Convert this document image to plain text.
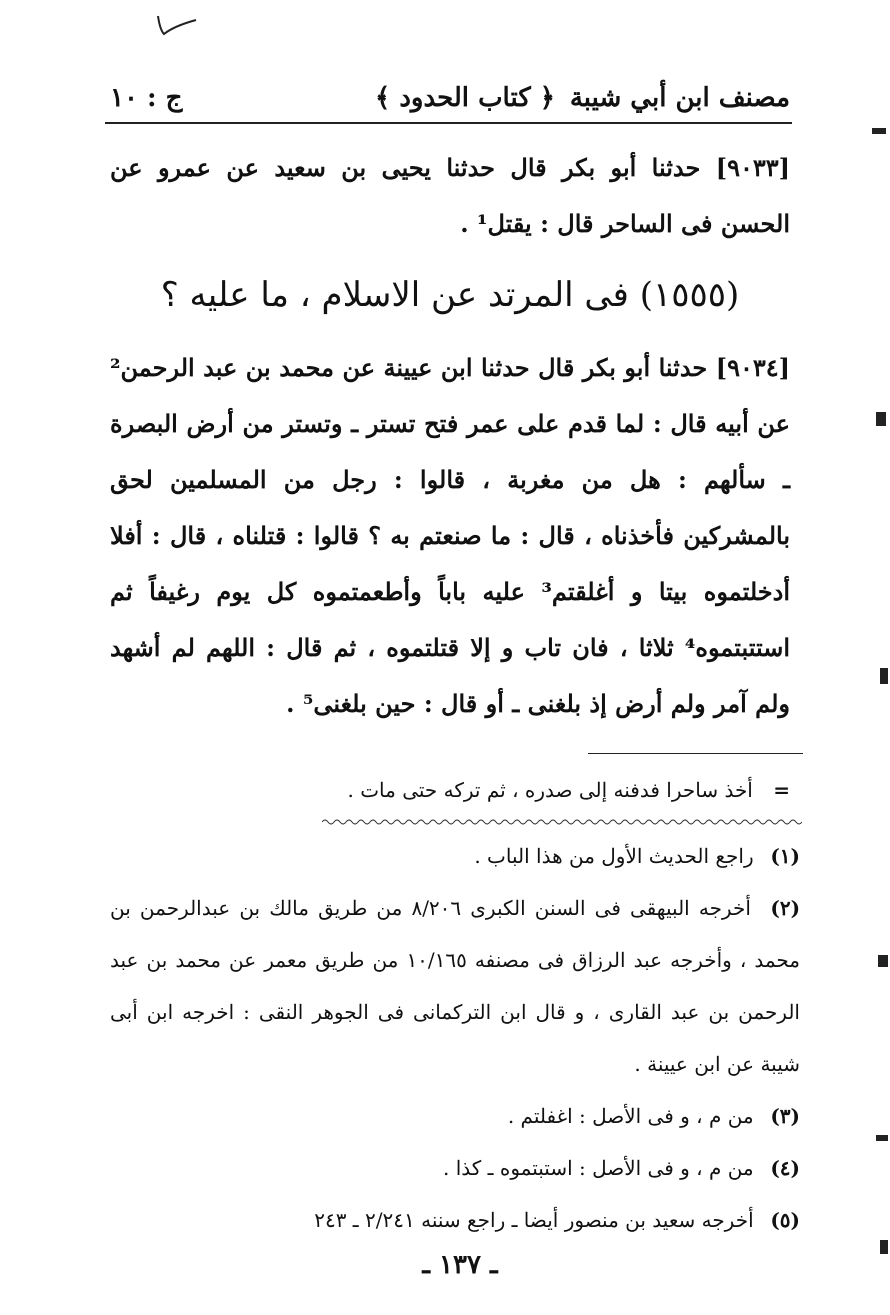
مصنف ابن أبي شيبة
﴿ كتاب الحدود ﴾
ج : ١٠
[٩٠٣٣] حدثنا أبو بكر قال حدثنا يحيى بن سعيد عن عمرو عن الحسن فى الساحر قال : يقتل¹ .
(١٥٥٥) فى المرتد عن الاسلام ، ما عليه ؟
[٩٠٣٤] حدثنا أبو بكر قال حدثنا ابن عيينة عن محمد بن عبد الرحمن² عن أبيه قال : لما قدم على عمر فتح تستر ـ وتستر من أرض البصرة ـ سألهم : هل من مغربة ، قالوا : رجل من المسلمين لحق بالمشركين فأخذناه ، قال : ما صنعتم به ؟ قالوا : قتلناه ، قال : أفلا أدخلتموه بيتا و أغلقتم³ عليه باباً وأطعمتموه كل يوم رغيفاً ثم استتبتموه⁴ ثلاثا ، فان تاب و إلا قتلتموه ، ثم قال : اللهم لم أشهد ولم آمر ولم أرض إذ بلغنى ـ أو قال : حين بلغنى⁵ .
= أخذ ساحرا فدفنه إلى صدره ، ثم تركه حتى مات .
(١) راجع الحديث الأول من هذا الباب .
(٢) أخرجه البيهقى فى السنن الكبرى ٨/٢٠٦ من طريق مالك بن عبدالرحمن بن محمد ، وأخرجه عبد الرزاق فى مصنفه ١٠/١٦٥ من طريق معمر عن محمد بن عبد الرحمن بن عبد القارى ، و قال ابن التركمانى فى الجوهر النقى : اخرجه ابن أبى شيبة عن ابن عيينة .
(٣) من م ، و فى الأصل : اغفلتم .
(٤) من م ، و فى الأصل : استبتموه ـ كذا .
(٥) أخرجه سعيد بن منصور أيضا ـ راجع سننه ٢/٢٤١ ـ ٢٤٣
ـ ١٣٧ ـ
